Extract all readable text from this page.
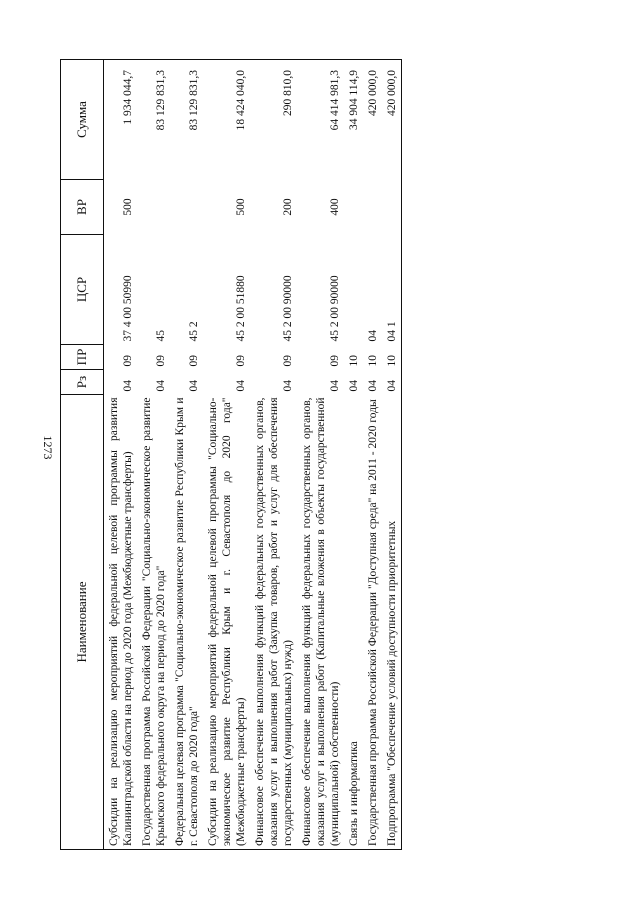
1273
Наименование	Рз	ПР	ЦСР	ВР	Сумма
Субсидии на реализацию мероприятий федеральной целевой программы развития Калининградской области на период до 2020 года (Межбюджетные трансферты)	04	09	37 4 00 50990	500	1 934 044,7
Государственная программа Российской Федерации "Социально-экономическое развитие Крымского федерального округа на период до 2020 года"	04	09	45		83 129 831,3
Федеральная целевая программа "Социально-экономическое развитие Республики Крым и г. Севастополя до 2020 года"	04	09	45 2		83 129 831,3
Субсидии на реализацию мероприятий федеральной целевой программы "Социально-экономическое развитие Республики Крым и г. Севастополя до 2020 года" (Межбюджетные трансферты)	04	09	45 2 00 51880	500	18 424 040,0
Финансовое обеспечение выполнения функций федеральных государственных органов, оказания услуг и выполнения работ (Закупка товаров, работ и услуг для обеспечения государственных (муниципальных) нужд)	04	09	45 2 00 90000	200	290 810,0
Финансовое обеспечение выполнения функций федеральных государственных органов, оказания услуг и выполнения работ (Капитальные вложения в объекты государственной (муниципальной) собственности)	04	09	45 2 00 90000	400	64 414 981,3
Связь и информатика	04	10			34 904 114,9
Государственная программа Российской Федерации "Доступная среда" на 2011 - 2020 годы	04	10	04		420 000,0
Подпрограмма "Обеспечение условий доступности приоритетных	04	10	04 1		420 000,0
